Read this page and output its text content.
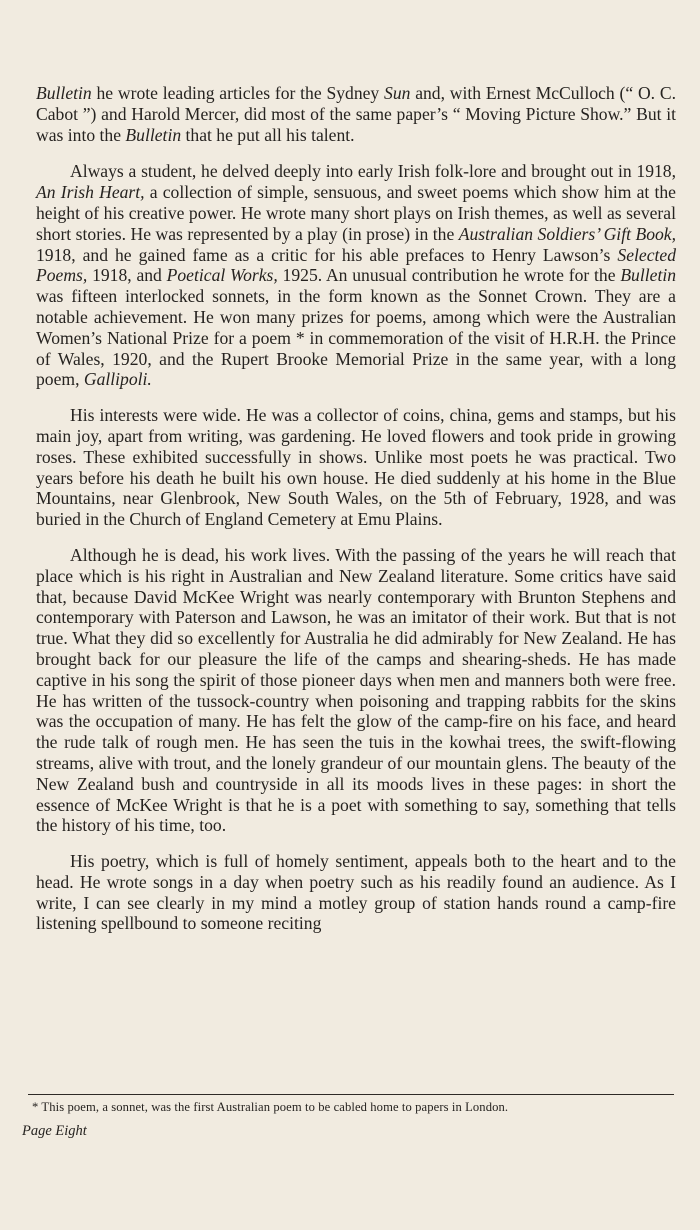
Bulletin he wrote leading articles for the Sydney Sun and, with Ernest McCulloch (“ O. C. Cabot ”) and Harold Mercer, did most of the same paper’s “ Moving Picture Show.” But it was into the Bulletin that he put all his talent.

Always a student, he delved deeply into early Irish folk-lore and brought out in 1918, An Irish Heart, a collection of simple, sensuous, and sweet poems which show him at the height of his creative power. He wrote many short plays on Irish themes, as well as several short stories. He was represented by a play (in prose) in the Australian Soldiers’ Gift Book, 1918, and he gained fame as a critic for his able prefaces to Henry Lawson’s Selected Poems, 1918, and Poetical Works, 1925. An unusual contribution he wrote for the Bulletin was fifteen interlocked sonnets, in the form known as the Sonnet Crown. They are a notable achievement. He won many prizes for poems, among which were the Australian Women’s National Prize for a poem * in commemoration of the visit of H.R.H. the Prince of Wales, 1920, and the Rupert Brooke Memorial Prize in the same year, with a long poem, Gallipoli.

His interests were wide. He was a collector of coins, china, gems and stamps, but his main joy, apart from writing, was gardening. He loved flowers and took pride in growing roses. These exhibited successfully in shows. Unlike most poets he was practical. Two years before his death he built his own house. He died suddenly at his home in the Blue Mountains, near Glenbrook, New South Wales, on the 5th of February, 1928, and was buried in the Church of England Cemetery at Emu Plains.

Although he is dead, his work lives. With the passing of the years he will reach that place which is his right in Australian and New Zealand literature. Some critics have said that, because David McKee Wright was nearly contemporary with Brunton Stephens and contemporary with Paterson and Lawson, he was an imitator of their work. But that is not true. What they did so excellently for Australia he did admirably for New Zealand. He has brought back for our pleasure the life of the camps and shearing-sheds. He has made captive in his song the spirit of those pioneer days when men and manners both were free. He has written of the tussock-country when poisoning and trapping rabbits for the skins was the occupation of many. He has felt the glow of the camp-fire on his face, and heard the rude talk of rough men. He has seen the tuis in the kowhai trees, the swift-flowing streams, alive with trout, and the lonely grandeur of our mountain glens. The beauty of the New Zealand bush and countryside in all its moods lives in these pages: in short the essence of McKee Wright is that he is a poet with something to say, something that tells the history of his time, too.

His poetry, which is full of homely sentiment, appeals both to the heart and to the head. He wrote songs in a day when poetry such as his readily found an audience. As I write, I can see clearly in my mind a motley group of station hands round a camp-fire listening spellbound to someone reciting

* This poem, a sonnet, was the first Australian poem to be cabled home to papers in London.
Page Eight
